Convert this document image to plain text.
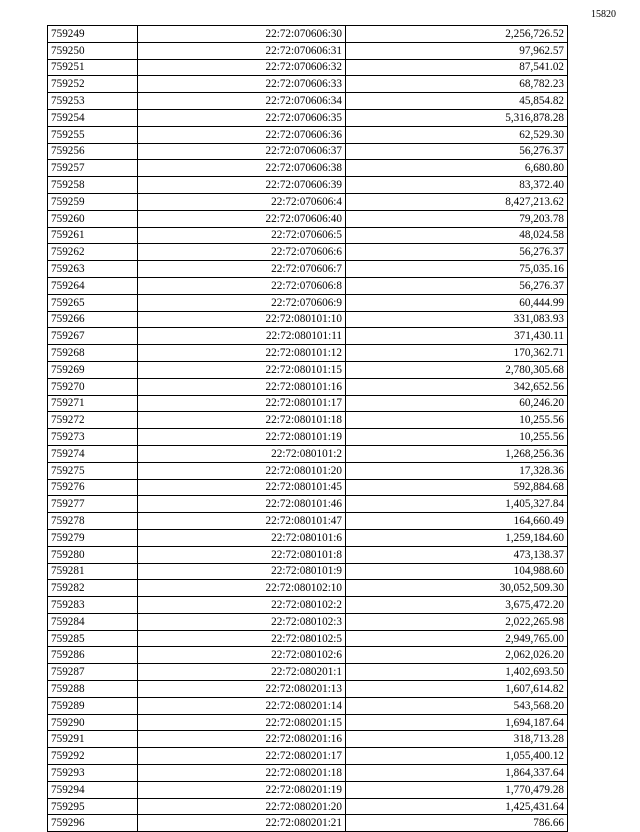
15820
759249	22:72:070606:30	2,256,726.52
759250	22:72:070606:31	97,962.57
759251	22:72:070606:32	87,541.02
759252	22:72:070606:33	68,782.23
759253	22:72:070606:34	45,854.82
759254	22:72:070606:35	5,316,878.28
759255	22:72:070606:36	62,529.30
759256	22:72:070606:37	56,276.37
759257	22:72:070606:38	6,680.80
759258	22:72:070606:39	83,372.40
759259	22:72:070606:4	8,427,213.62
759260	22:72:070606:40	79,203.78
759261	22:72:070606:5	48,024.58
759262	22:72:070606:6	56,276.37
759263	22:72:070606:7	75,035.16
759264	22:72:070606:8	56,276.37
759265	22:72:070606:9	60,444.99
759266	22:72:080101:10	331,083.93
759267	22:72:080101:11	371,430.11
759268	22:72:080101:12	170,362.71
759269	22:72:080101:15	2,780,305.68
759270	22:72:080101:16	342,652.56
759271	22:72:080101:17	60,246.20
759272	22:72:080101:18	10,255.56
759273	22:72:080101:19	10,255.56
759274	22:72:080101:2	1,268,256.36
759275	22:72:080101:20	17,328.36
759276	22:72:080101:45	592,884.68
759277	22:72:080101:46	1,405,327.84
759278	22:72:080101:47	164,660.49
759279	22:72:080101:6	1,259,184.60
759280	22:72:080101:8	473,138.37
759281	22:72:080101:9	104,988.60
759282	22:72:080102:10	30,052,509.30
759283	22:72:080102:2	3,675,472.20
759284	22:72:080102:3	2,022,265.98
759285	22:72:080102:5	2,949,765.00
759286	22:72:080102:6	2,062,026.20
759287	22:72:080201:1	1,402,693.50
759288	22:72:080201:13	1,607,614.82
759289	22:72:080201:14	543,568.20
759290	22:72:080201:15	1,694,187.64
759291	22:72:080201:16	318,713.28
759292	22:72:080201:17	1,055,400.12
759293	22:72:080201:18	1,864,337.64
759294	22:72:080201:19	1,770,479.28
759295	22:72:080201:20	1,425,431.64
759296	22:72:080201:21	786.66
